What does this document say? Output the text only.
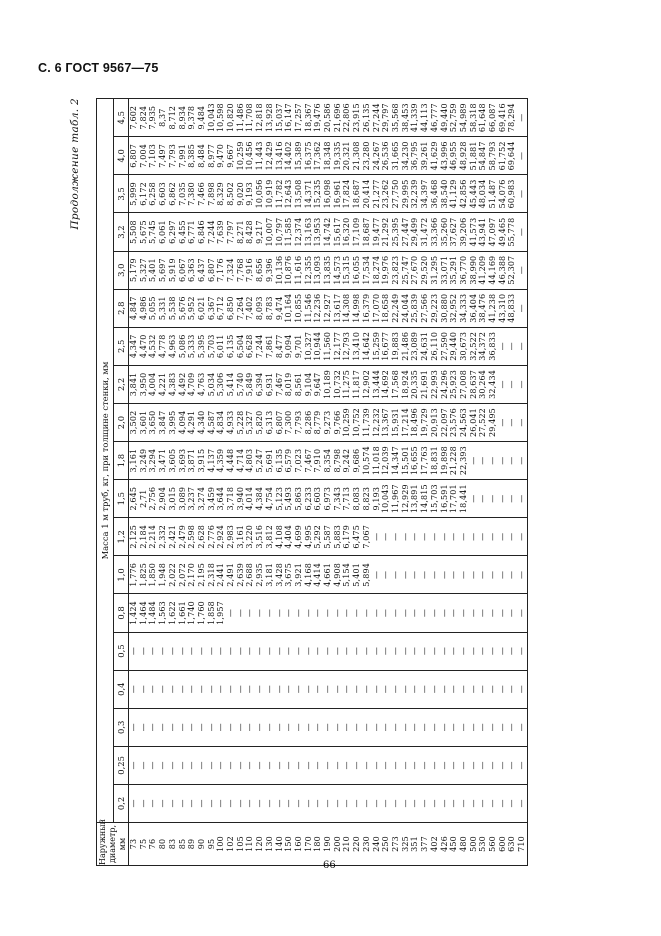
С. 6 ГОСТ 9567—75
Продолжение табл. 2
Наружный диаметр, мм	Масса 1 м труб, кг, при толщине стенки, мм																		
	0,2	0,25	0,3	0,4	0,5	0,8	1,0	1,2	1,5	1,8	2,0	2,2	2,5	2,8	3,0	3,2	3,5	4,0	4,5
73	—	—	—	—	—	1,424	1,776	2,125	2,645	3,161	3,502	3,841	4,347	4,847	5,179	5,508	5,999	6,807	7,602
75	—	—	—	—	—	1,464	1,825	2,184	2,71	3,249	3,601	3,950	4,470	4,986	5,327	5,675	6,172	7,004	7,824
76	—	—	—	—	—	1,484	1,850	2,214	2,756	3,294	3,650	4,004	4,532	5,055	5,401	5,745	6,258	7,103	7,935
80	—	—	—	—	—	1,563	1,948	2,332	2,904	3,471	3,847	4,221	4,778	5,331	5,697	6,061	6,603	7,497	8,37
83	—	—	—	—	—	1,622	2,022	2,421	3,015	3,605	3,995	4,383	4,963	5,538	5,919	6,297	6,862	7,793	8,712
85	—	—	—	—	—	1,661	2,072	2,479	3,089	3,693	4,094	4,492	5,086	5,676	6,067	6,455	7,035	7,991	8,934
89	—	—	—	—	—	1,740	2,170	2,598	3,237	3,871	4,291	4,709	5,333	5,952	6,363	6,771	7,380	8,385	9,378
90	—	—	—	—	—	1,760	2,195	2,628	3,274	3,915	4,340	4,763	5,395	6,021	6,437	6,846	7,466	8,484	9,484
95	—	—	—	—	—	1,858	2,318	2,776	3,459	4,137	4,587	5,034	5,703	6,367	6,807	7,244	7,898	8,977	10,043
100	—	—	—	—	—	1,957	2,441	2,924	3,644	4,359	4,834	5,306	6,011	6,712	7,176	7,639	8,329	9,470	10,598
102	—	—	—	—	—	—	2,491	2,983	3,718	4,448	4,933	5,414	6,135	6,850	7,324	7,797	8,502	9,667	10,820
105	—	—	—	—	—	—	2,639	3,161	3,940	4,714	5,228	5,740	6,504	7,264	7,768	8,271	9,020	10,259	11,486
110	—	—	—	—	—	—	2,688	3,220	4,014	4,803	5,327	5,849	6,628	7,402	7,916	8,428	9,193	10,456	11,708
120	—	—	—	—	—	—	2,935	3,516	4,384	5,247	5,820	6,394	7,244	8,093	8,656	9,217	10,056	11,443	12,818
130	—	—	—	—	—	—	3,181	3,812	4,754	5,691	6,313	6,931	7,861	8,783	9,396	10,007	10,919	12,429	13,928
140	—	—	—	—	—	—	3,428	4,108	5,123	6,135	6,807	7,467	8,477	9,474	10,136	10,797	11,782	13,416	15,037
150	—	—	—	—	—	—	3,675	4,404	5,493	6,579	7,300	8,019	9,094	10,164	10,876	11,585	12,643	14,402	16,147
160	—	—	—	—	—	—	3,921	4,699	5,863	7,023	7,793	8,561	9,701	10,855	11,616	12,374	13,508	15,389	17,257
170	—	—	—	—	—	—	4,168	4,995	6,233	7,467	8,286	9,104	10,327	11,546	12,355	13,163	14,371	16,375	18,367
180	—	—	—	—	—	—	4,414	5,292	6,603	7,910	8,779	9,647	10,944	12,236	13,093	13,953	15,235	17,362	19,476
190	—	—	—	—	—	—	4,661	5,587	6,973	8,354	9,273	10,189	11,560	12,927	13,835	14,742	16,098	18,348	20,586
200	—	—	—	—	—	—	4,908	5,883	7,343	8,798	9,766	10,732	12,177	13,617	14,573	15,617	16,961	19,335	21,696
210	—	—	—	—	—	—	5,154	6,179	7,713	9,242	10,259	11,275	12,793	14,308	15,315	16,320	17,824	20,321	22,806
220	—	—	—	—	—	—	5,401	6,475	8,083	9,686	10,752	11,817	13,410	14,998	16,055	17,109	18,687	21,308	23,915
230	—	—	—	—	—	—	5,894	7,067	8,823	10,574	11,739	12,902	14,642	16,379	17,534	18,687	20,414	23,280	26,135
240	—	—	—	—	—	—	—	—	9,193	11,018	12,232	13,444	15,259	17,070	18,274	19,477	21,277	24,267	27,244
250	—	—	—	—	—	—	—	—	10,043	12,039	13,367	14,692	16,677	18,658	19,976	21,292	23,262	26,536	29,797
273	—	—	—	—	—	—	—	—	11,967	14,347	15,931	17,568	19,883	22,249	23,823	25,395	27,750	31,665	35,568
325	—	—	—	—	—	—	—	—	12,929	15,501	17,214	18,924	21,486	24,044	25,747	27,447	29,995	34,230	38,453
351	—	—	—	—	—	—	—	—	13,891	16,655	18,496	20,335	23,089	25,839	27,670	29,499	32,239	36,795	41,339
377	—	—	—	—	—	—	—	—	14,815	17,763	19,729	21,691	24,631	27,566	29,520	31,472	34,397	39,261	44,113
402	—	—	—	—	—	—	—	—	15,703	18,831	20,913	22,993	26,110	29,223	31,295	33,366	36,468	41,629	46,777
426	—	—	—	—	—	—	—	—	16,591	19,898	22,097	24,296	27,590	30,880	33,071	35,260	38,540	43,996	49,440
450	—	—	—	—	—	—	—	—	17,701	21,228	23,576	25,923	29,440	32,952	35,291	37,627	41,129	46,955	52,759
480	—	—	—	—	—	—	—	—	18,441	22,393	24,563	27,008	30,673	34,333	36,770	39,206	42,856	48,928	54,989
500	—	—	—	—	—	—	—	—	—	—	26,041	28,637	32,522	36,404	38,990	41,573	45,443	51,881	58,318
530	—	—	—	—	—	—	—	—	—	—	27,522	30,264	34,372	38,476	41,209	43,941	48,034	54,847	61,648
560	—	—	—	—	—	—	—	—	—	—	29,495	32,434	36,833	41,238	44,169	47,097	51,487	58,793	66,087
600	—	—	—	—	—	—	—	—	—	—	—	—	—	43,310	46,388	49,465	54,076	61,752	69,416
630	—	—	—	—	—	—	—	—	—	—	—	—	—	48,833	52,307	55,778	60,983	69,644	78,294
710	—	—	—	—	—	—	—	—	—	—	—	—	—	—	—	—	—	—	—
66
